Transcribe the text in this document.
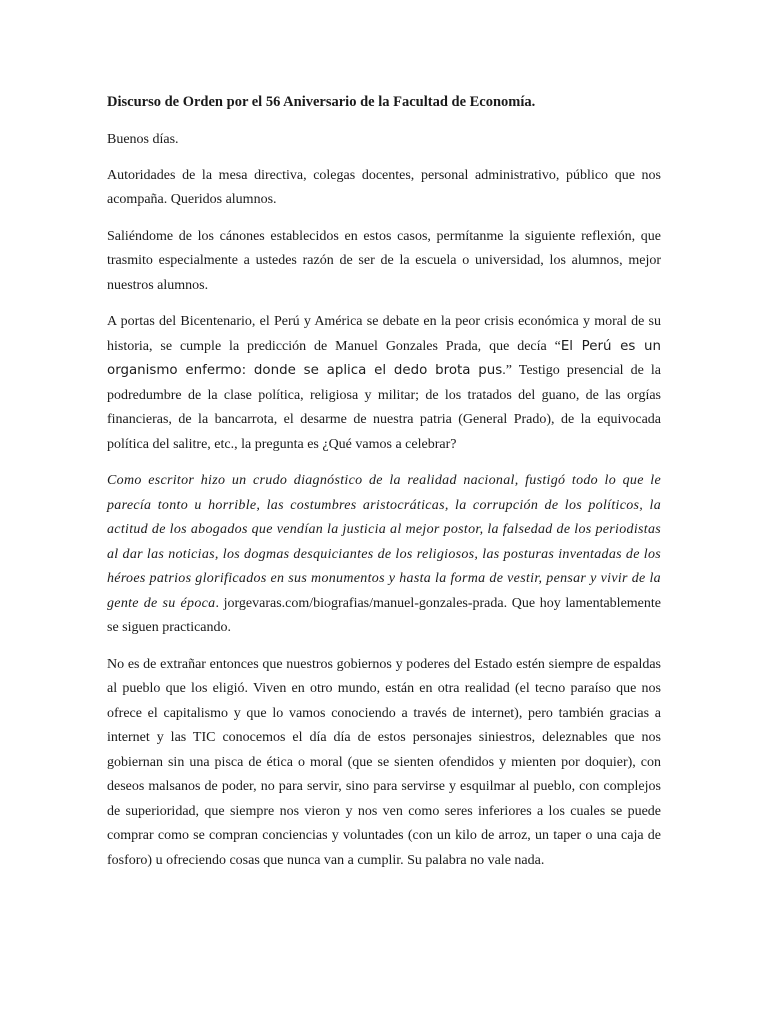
Discurso de Orden por el 56 Aniversario de la Facultad de Economía.

Buenos días.

Autoridades de la mesa directiva, colegas docentes, personal administrativo, público que nos acompaña. Queridos alumnos.

Saliéndome de los cánones establecidos en estos casos, permítanme la siguiente reflexión, que trasmito especialmente a ustedes razón de ser de la escuela o universidad, los alumnos, mejor nuestros alumnos.

A portas del Bicentenario, el Perú y América se debate en la peor crisis económica y moral de su historia, se cumple la predicción de Manuel Gonzales Prada, que decía “El Perú es un organismo enfermo: donde se aplica el dedo brota pus.” Testigo presencial de la podredumbre de la clase política, religiosa y militar; de los tratados del guano, de las orgías financieras, de la bancarrota, el desarme de nuestra patria (General Prado), de la equivocada política del salitre, etc., la pregunta es ¿Qué vamos a celebrar?

Como escritor hizo un crudo diagnóstico de la realidad nacional, fustigó todo lo que le parecía tonto u horrible, las costumbres aristocráticas, la corrupción de los políticos, la actitud de los abogados que vendían la justicia al mejor postor, la falsedad de los periodistas al dar las noticias, los dogmas desquiciantes de los religiosos, las posturas inventadas de los héroes patrios glorificados en sus monumentos y hasta la forma de vestir, pensar y vivir de la gente de su época. jorgevaras.com/biografias/manuel-gonzales-prada. Que hoy lamentablemente se siguen practicando.

No es de extrañar entonces que nuestros gobiernos y poderes del Estado estén siempre de espaldas al pueblo que los eligió. Viven en otro mundo, están en otra realidad (el tecno paraíso que nos ofrece el capitalismo y que lo vamos conociendo a través de internet), pero también gracias a internet y las TIC conocemos el día día de estos personajes siniestros, deleznables que nos gobiernan sin una pisca de ética o moral (que se sienten ofendidos y mienten por doquier), con deseos malsanos de poder, no para servir, sino para servirse y esquilmar al pueblo, con complejos de superioridad, que siempre nos vieron y nos ven como seres inferiores a los cuales se puede comprar como se compran conciencias y voluntades (con un kilo de arroz, un taper o una caja de fosforo) u ofreciendo cosas que nunca van a cumplir. Su palabra no vale nada.
